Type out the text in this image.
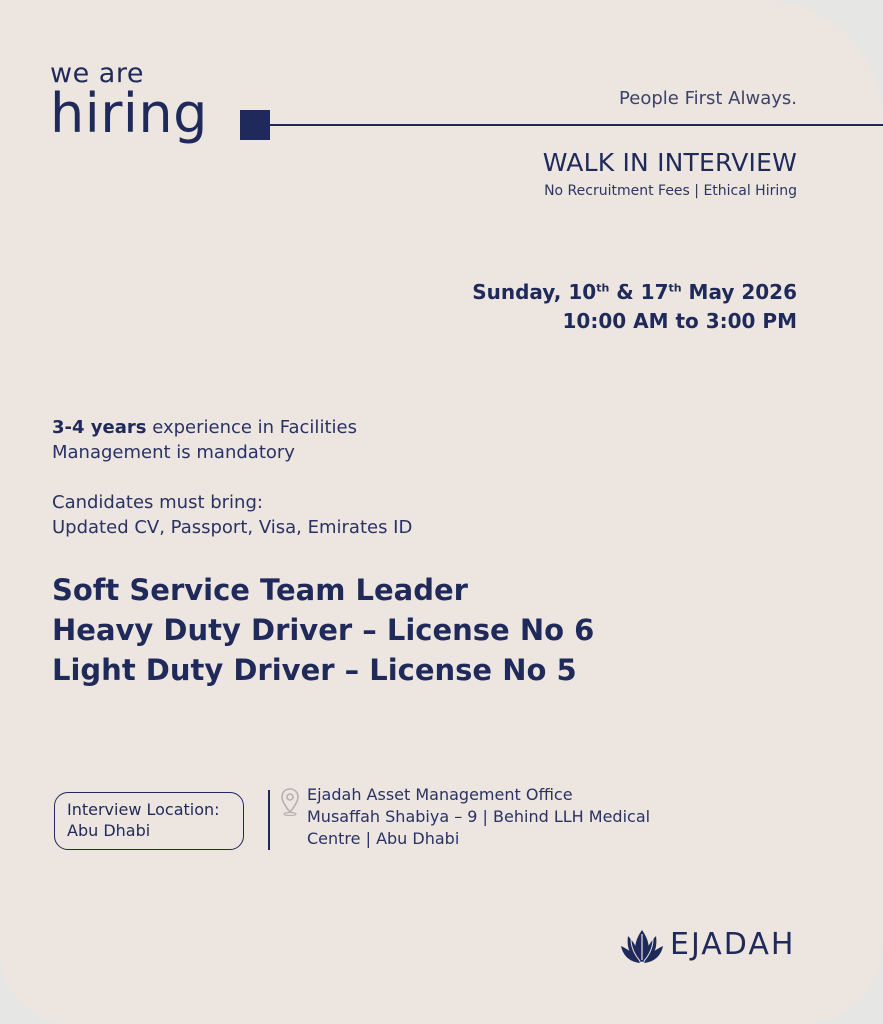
we are
hiring	People First Always.
WALK IN INTERVIEW
No Recruitment Fees | Ethical Hiring
Sunday, 10th & 17th May 2026
10:00 AM to 3:00 PM
3-4 years experience in Facilities Management is mandatory
Candidates must bring:
Updated CV, Passport, Visa, Emirates ID
Soft Service Team Leader
Heavy Duty Driver – License No 6
Light Duty Driver – License No 5
Interview Location:
Abu Dhabi
Ejadah Asset Management Office
Musaffah Shabiya – 9 | Behind LLH Medical
Centre | Abu Dhabi
EJADAH
